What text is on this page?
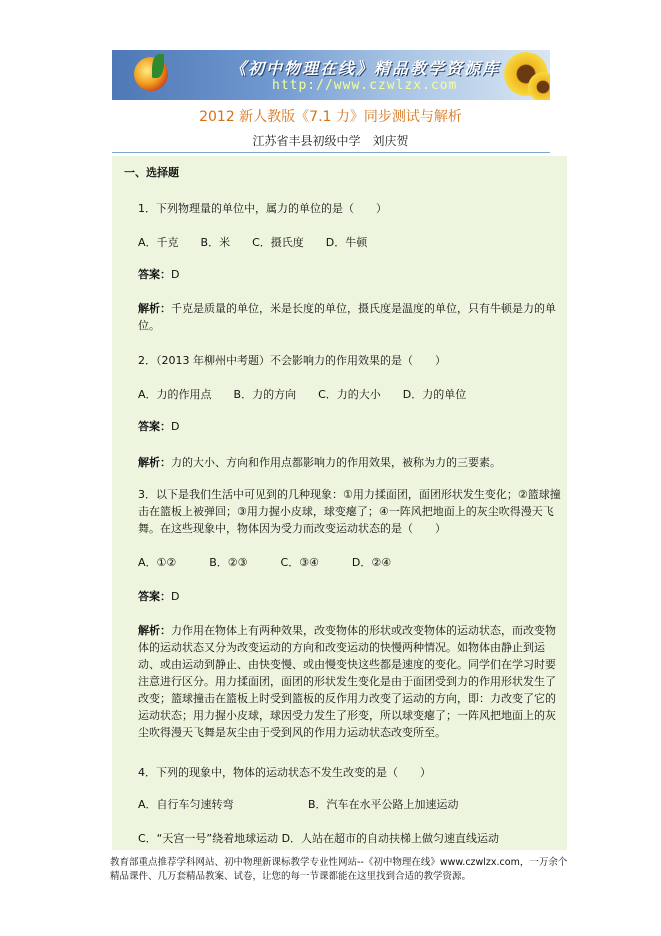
《初中物理在线》精品教学资源库
http://www.czwlzx.com
2012 新人教版《7.1 力》同步测试与解析
江苏省丰县初级中学　刘庆贺

一、选择题

1．下列物理量的单位中，属力的单位的是（　　）

A．千克　　B．米　　C．摄氏度　　D．牛顿

答案：D

解析：千克是质量的单位，米是长度的单位，摄氏度是温度的单位，只有牛顿是力的单位。

2．（2013 年柳州中考题）不会影响力的作用效果的是（　　）

A．力的作用点　　B．力的方向　　C．力的大小　　D．力的单位

答案：D

解析：力的大小、方向和作用点都影响力的作用效果，被称为力的三要素。

3．以下是我们生活中可见到的几种现象：①用力揉面团，面团形状发生变化；②篮球撞击在篮板上被弹回；③用力握小皮球，球变瘪了；④一阵风把地面上的灰尘吹得漫天飞舞。在这些现象中，物体因为受力而改变运动状态的是（　　）

A．①②　　　B．②③　　　C．③④　　　D．②④

答案：D

解析：力作用在物体上有两种效果，改变物体的形状或改变物体的运动状态，而改变物体的运动状态又分为改变运动的方向和改变运动的快慢两种情况。如物体由静止到运动、或由运动到静止、由快变慢、或由慢变快这些都是速度的变化。同学们在学习时要注意进行区分。用力揉面团，面团的形状发生变化是由于面团受到力的作用形状发生了改变；篮球撞击在篮板上时受到篮板的反作用力改变了运动的方向，即：力改变了它的运动状态；用力握小皮球，球因受力发生了形变，所以球变瘪了；一阵风把地面上的灰尘吹得漫天飞舞是灰尘由于受到风的作用力运动状态改变所至。

4．下列的现象中，物体的运动状态不发生改变的是（　　）

A．自行车匀速转弯	B．汽车在水平公路上加速运动

C．“天宫一号”绕着地球运动 D．人站在超市的自动扶梯上做匀速直线运动

教育部重点推荐学科网站、初中物理新课标教学专业性网站--《初中物理在线》www.czwlzx.com，一万余个精品课件、几万套精品教案、试卷，让您的每一节课都能在这里找到合适的教学资源。
